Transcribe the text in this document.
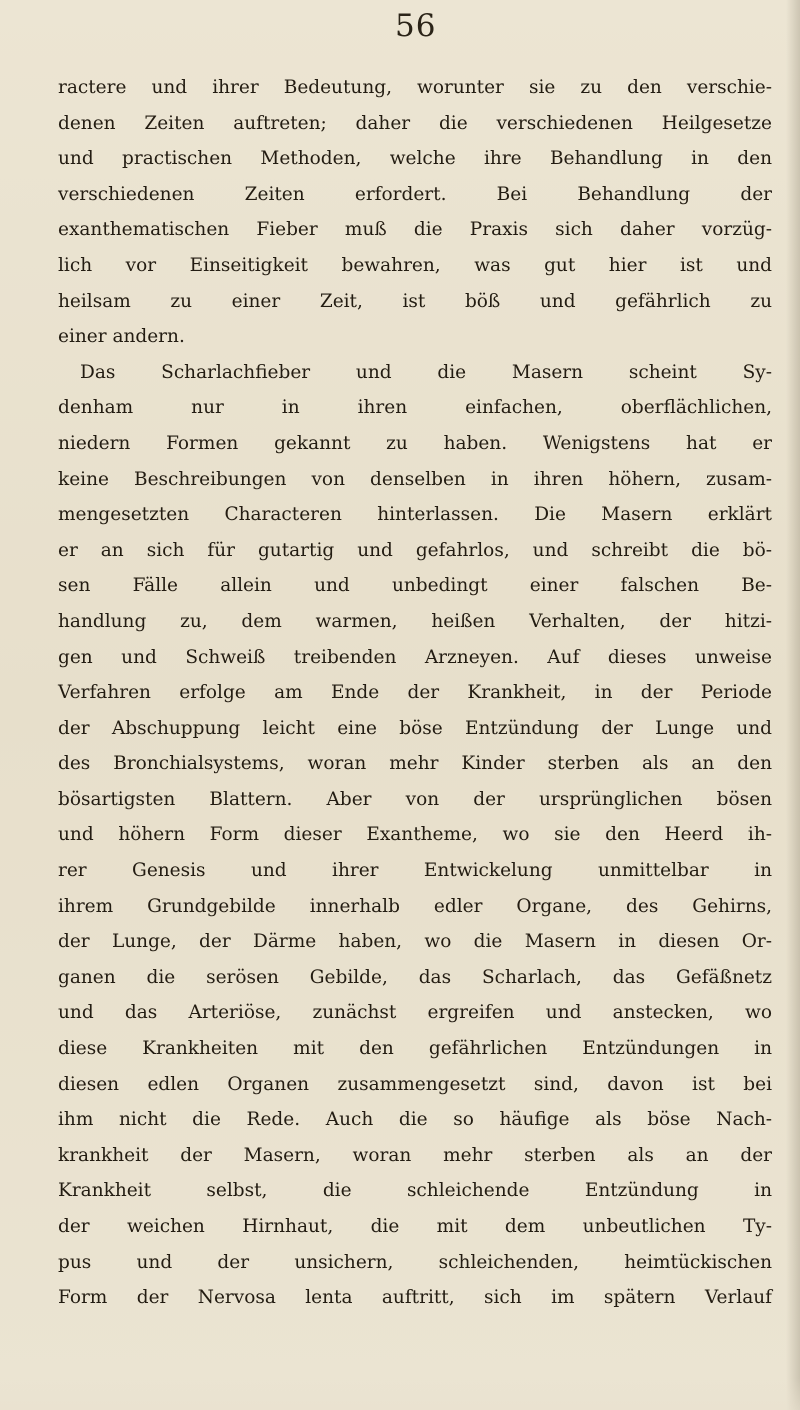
56
ractere und ihrer Bedeutung, worunter sie zu den verschie-
denen Zeiten auftreten; daher die verschiedenen Heilgesetze
und practischen Methoden, welche ihre Behandlung in den
verschiedenen Zeiten erfordert. Bei Behandlung der
exanthematischen Fieber muß die Praxis sich daher vorzüg-
lich vor Einseitigkeit bewahren, was gut hier ist und
heilsam zu einer Zeit, ist böß und gefährlich zu
einer andern.
Das Scharlachfieber und die Masern scheint Sy-
denham nur in ihren einfachen, oberflächlichen,
niedern Formen gekannt zu haben. Wenigstens hat er
keine Beschreibungen von denselben in ihren höhern, zusam-
mengesetzten Characteren hinterlassen. Die Masern erklärt
er an sich für gutartig und gefahrlos, und schreibt die bö-
sen Fälle allein und unbedingt einer falschen Be-
handlung zu, dem warmen, heißen Verhalten, der hitzi-
gen und Schweiß treibenden Arzneyen. Auf dieses unweise
Verfahren erfolge am Ende der Krankheit, in der Periode
der Abschuppung leicht eine böse Entzündung der Lunge und
des Bronchialsystems, woran mehr Kinder sterben als an den
bösartigsten Blattern. Aber von der ursprünglichen bösen
und höhern Form dieser Exantheme, wo sie den Heerd ih-
rer Genesis und ihrer Entwickelung unmittelbar in
ihrem Grundgebilde innerhalb edler Organe, des Gehirns,
der Lunge, der Därme haben, wo die Masern in diesen Or-
ganen die serösen Gebilde, das Scharlach, das Gefäßnetz
und das Arteriöse, zunächst ergreifen und anstecken, wo
diese Krankheiten mit den gefährlichen Entzündungen in
diesen edlen Organen zusammengesetzt sind, davon ist bei
ihm nicht die Rede. Auch die so häufige als böse Nach-
krankheit der Masern, woran mehr sterben als an der
Krankheit selbst, die schleichende Entzündung in
der weichen Hirnhaut, die mit dem unbeutlichen Ty-
pus und der unsichern, schleichenden, heimtückischen
Form der Nervosa lenta auftritt, sich im spätern Verlauf
